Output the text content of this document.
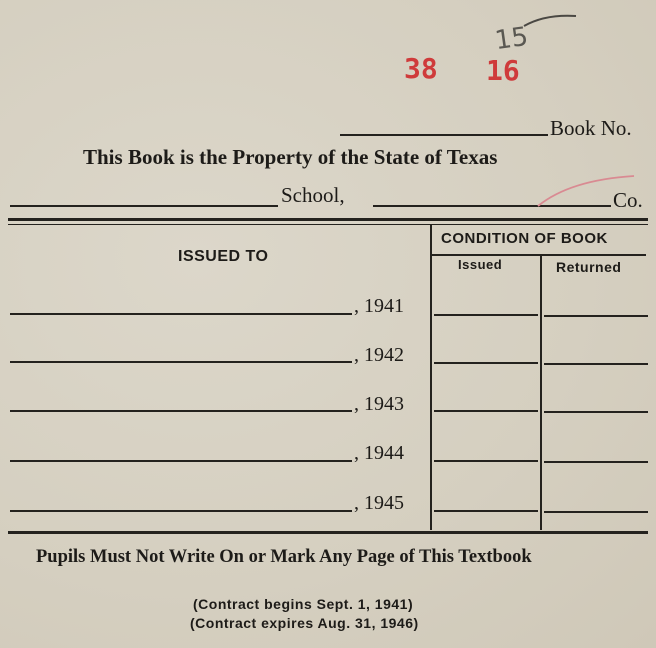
38 16
15
Book No.
This Book is the Property of the State of Texas
School,	Co.
ISSUED TO
CONDITION OF BOOK
Issued	Returned
, 1941
, 1942
, 1943
, 1944
, 1945
Pupils Must Not Write On or Mark Any Page of This Textbook
(Contract begins Sept. 1, 1941)
(Contract expires Aug. 31, 1946)
